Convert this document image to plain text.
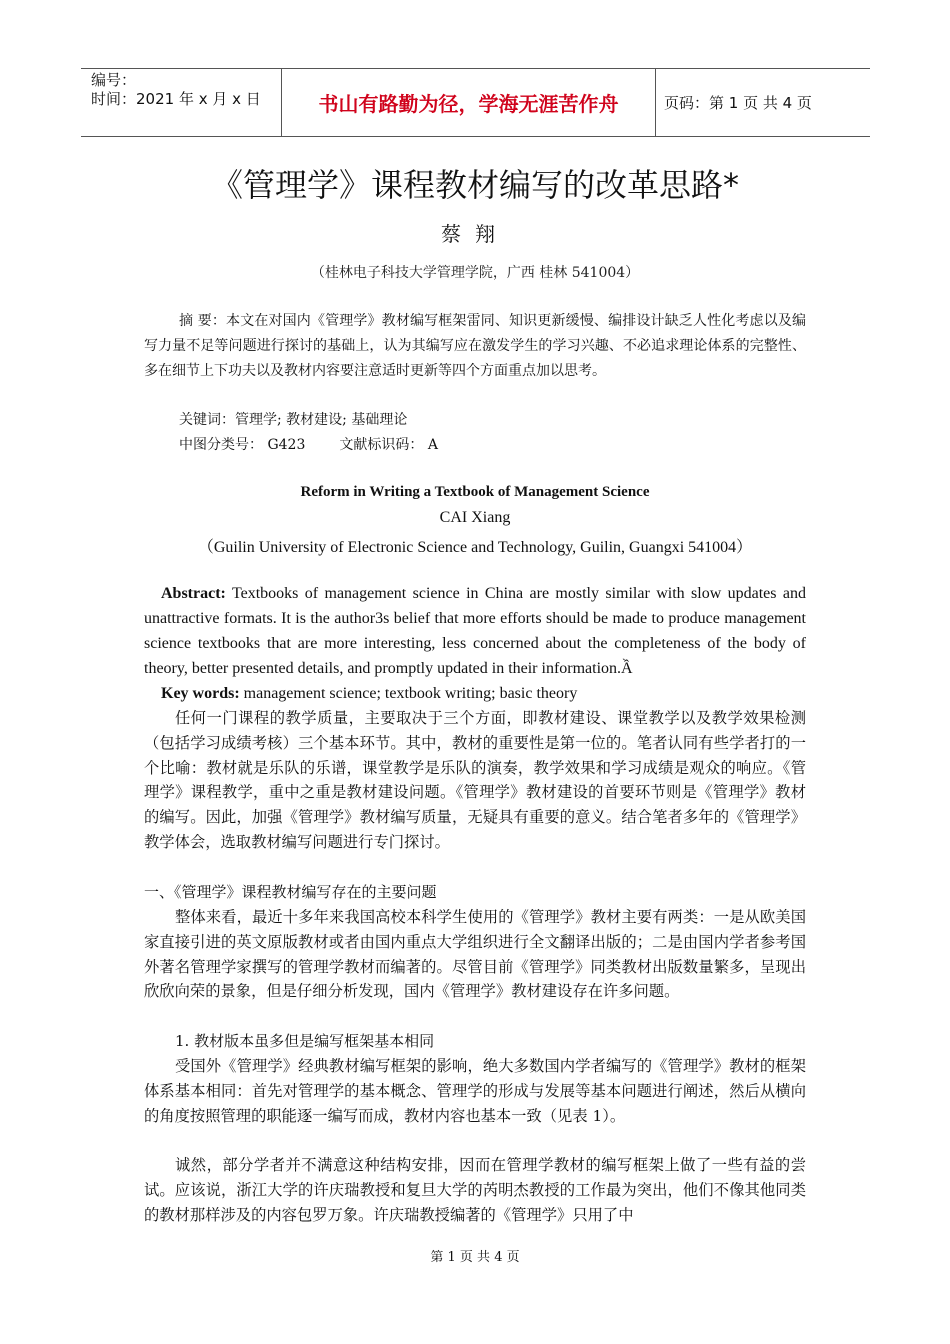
编号：
时间：2021 年 x 月 x 日	书山有路勤为径，学海无涯苦作舟	页码：第 1 页 共 4 页
《管理学》课程教材编写的改革思路*
蔡翔
（桂林电子科技大学管理学院，广西 桂林 541004）
摘 要：本文在对国内《管理学》教材编写框架雷同、知识更新缓慢、编排设计缺乏人性化考虑以及编写力量不足等问题进行探讨的基础上，认为其编写应在激发学生的学习兴趣、不必追求理论体系的完整性、多在细节上下功夫以及教材内容要注意适时更新等四个方面重点加以思考。
关键词：管理学; 教材建设; 基础理论
中图分类号： G423 文献标识码： A
Reform in Writing a Textbook of Management Science
CAI Xiang
（Guilin University of Electronic Science and Technology, Guilin, Guangxi 541004）
Abstract: Textbooks of management science in China are mostly similar with slow updates and unattractive formats. It is the author3s belief that more efforts should be made to produce management science textbooks that are more interesting, less concerned about the completeness of the body of theory, better presented details, and promptly updated in their information.Ầ
Key words: management science; textbook writing; basic theory
任何一门课程的教学质量，主要取决于三个方面，即教材建设、课堂教学以及教学效果检测（包括学习成绩考核）三个基本环节。其中，教材的重要性是第一位的。笔者认同有些学者打的一个比喻：教材就是乐队的乐谱，课堂教学是乐队的演奏，教学效果和学习成绩是观众的响应。《管理学》课程教学，重中之重是教材建设问题。《管理学》教材建设的首要环节则是《管理学》教材的编写。因此，加强《管理学》教材编写质量，无疑具有重要的意义。结合笔者多年的《管理学》教学体会，选取教材编写问题进行专门探讨。
一、《管理学》课程教材编写存在的主要问题
整体来看，最近十多年来我国高校本科学生使用的《管理学》教材主要有两类：一是从欧美国家直接引进的英文原版教材或者由国内重点大学组织进行全文翻译出版的；二是由国内学者参考国外著名管理学家撰写的管理学教材而编著的。尽管目前《管理学》同类教材出版数量繁多，呈现出欣欣向荣的景象，但是仔细分析发现，国内《管理学》教材建设存在许多问题。
1. 教材版本虽多但是编写框架基本相同
受国外《管理学》经典教材编写框架的影响，绝大多数国内学者编写的《管理学》教材的框架体系基本相同：首先对管理学的基本概念、管理学的形成与发展等基本问题进行阐述，然后从横向的角度按照管理的职能逐一编写而成，教材内容也基本一致（见表 1）。
诚然，部分学者并不满意这种结构安排，因而在管理学教材的编写框架上做了一些有益的尝试。应该说，浙江大学的许庆瑞教授和复旦大学的芮明杰教授的工作最为突出，他们不像其他同类的教材那样涉及的内容包罗万象。许庆瑞教授编著的《管理学》只用了中
第 1 页 共 4 页
